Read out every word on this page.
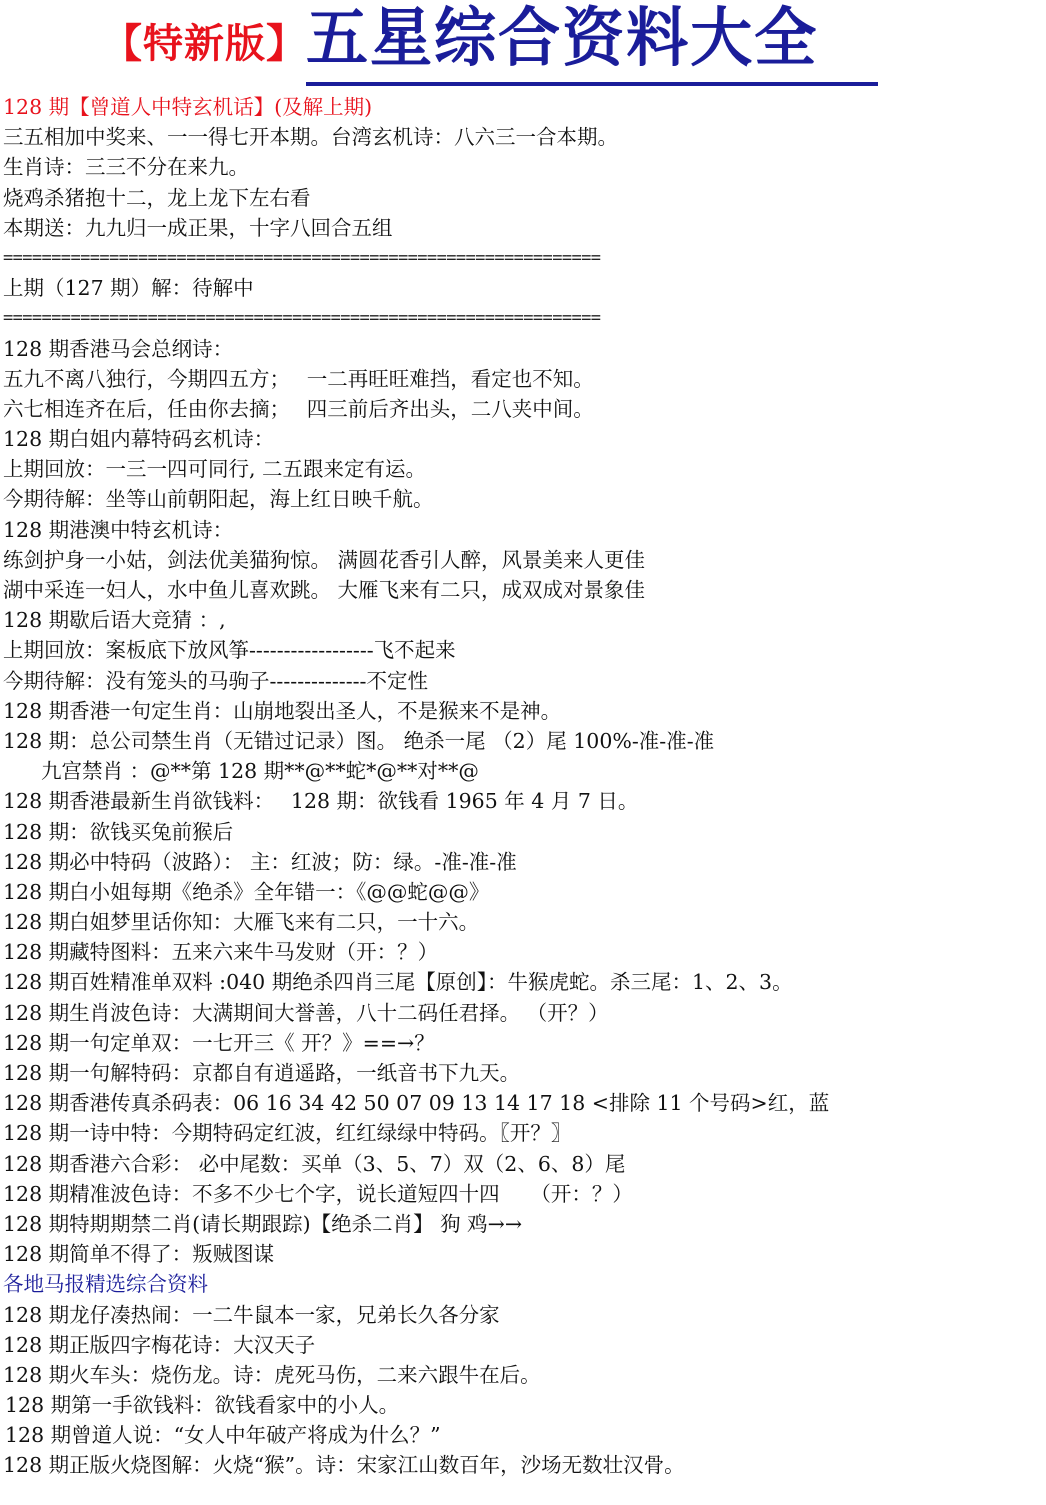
【特新版】 五星综合资料大全
128 期【曾道人中特玄机话】(及解上期)
三五相加中奖来、一一得七开本期。台湾玄机诗：八六三一合本期。
生肖诗：三三不分在来九。
烧鸡杀猪抱十二，龙上龙下左右看
本期送：九九归一成正果，十字八回合五组
==============================================================
上期（127 期）解：待解中
==============================================================
128 期香港马会总纲诗：
五九不离八独行，今期四五方；　 一二再旺旺难挡，看定也不知。
六七相连齐在后，任由你去摘；　 四三前后齐出头，二八夹中间。
128 期白姐内幕特码玄机诗：
上期回放：一三一四可同行, 二五跟来定有运。
今期待解：坐等山前朝阳起，海上红日映千航。
128 期港澳中特玄机诗：
练剑护身一小姑，剑法优美猫狗惊。 满圆花香引人醉，风景美来人更佳
湖中采连一妇人，水中鱼儿喜欢跳。 大雁飞来有二只，成双成对景象佳
128 期歇后语大竞猜 ：,
上期回放：案板底下放风筝------------------飞不起来
今期待解：没有笼头的马驹子--------------不定性
128 期香港一句定生肖：山崩地裂出圣人，不是猴来不是神。
128 期：总公司禁生肖（无错过记录）图。 绝杀一尾 （2）尾 100%-准-准-准
九宫禁肖 ：@**第 128 期**@**蛇*@**对**@
128 期香港最新生肖欲钱料：　 128 期：欲钱看 1965 年 4 月 7 日。
128 期：欲钱买兔前猴后
128 期必中特码（波路）： 主：红波；防：绿。-准-准-准
128 期白小姐每期《绝杀》全年错一：《@@蛇@@》
128 期白姐梦里话你知：大雁飞来有二只，一十六。
128 期藏特图料：五来六来牛马发财（开：？）
128 期百姓精准单双料 :040 期绝杀四肖三尾【原创】：牛猴虎蛇。杀三尾：1、2、3。
128 期生肖波色诗：大满期间大誉善，八十二码任君择。 （开？）
128 期一句定单双：一七开三《 开？》==→？
128 期一句解特码：京都自有逍遥路，一纸音书下九天。
128 期香港传真杀码表：06 16 34 42 50 07 09 13 14 17 18 <排除 11 个号码>红，蓝
128 期一诗中特：今期特码定红波，红红绿绿中特码。〖开？〗
128 期香港六合彩： 必中尾数：买单（3、5、7）双（2、6、8）尾
128 期精准波色诗：不多不少七个字，说长道短四十四　　（开：？）
128 期特期期禁二肖(请长期跟踪)【绝杀二肖】 狗 鸡→→
128 期简单不得了：叛贼图谋
各地马报精选综合资料
128 期龙仔凑热闹：一二牛鼠本一家，兄弟长久各分家
128 期正版四字梅花诗：大汉天子
128 期火车头：烧伤龙。诗：虎死马伤，二来六跟牛在后。
128 期第一手欲钱料：欲钱看家中的小人。
128 期曾道人说：“女人中年破产将成为什么？”
128 期正版火烧图解：火烧“猴”。诗：宋家江山数百年，沙场无数壮汉骨。
